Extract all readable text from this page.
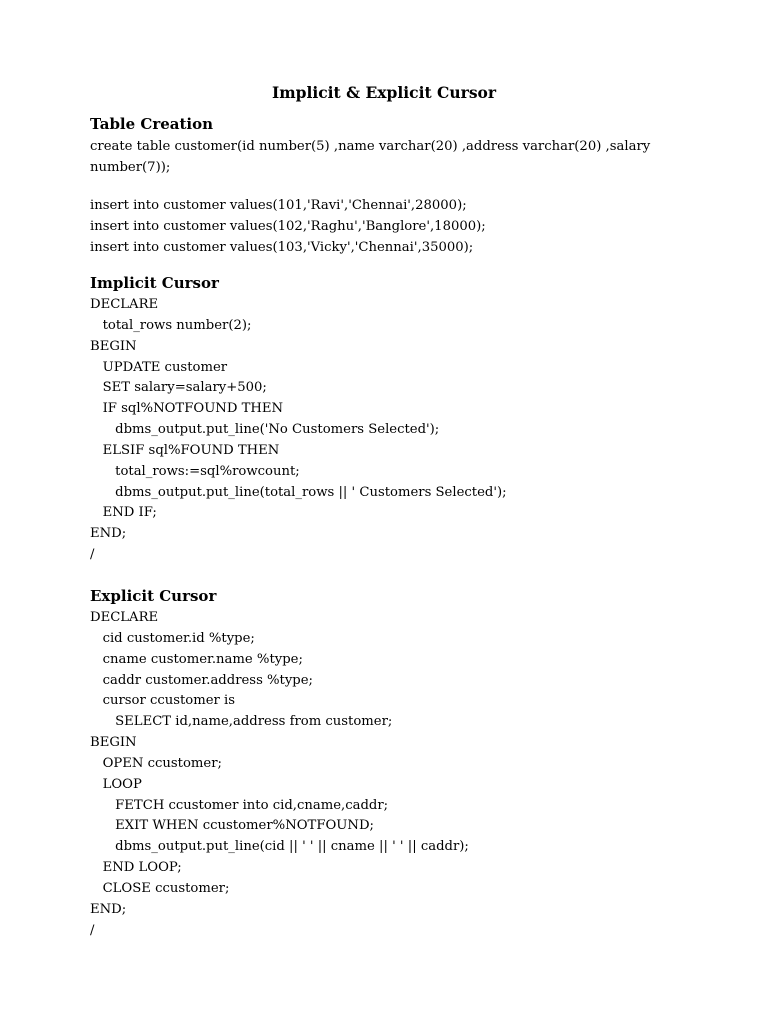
Implicit & Explicit Cursor
Table Creation
create table customer(id number(5) ,name varchar(20) ,address varchar(20) ,salary
number(7));
insert into customer values(101,'Ravi','Chennai',28000);
insert into customer values(102,'Raghu','Banglore',18000);
insert into customer values(103,'Vicky','Chennai',35000);
Implicit Cursor
DECLARE
total_rows number(2);
BEGIN
UPDATE customer
SET salary=salary+500;
IF sql%NOTFOUND THEN
dbms_output.put_line('No Customers Selected');
ELSIF sql%FOUND THEN
total_rows:=sql%rowcount;
dbms_output.put_line(total_rows || ' Customers Selected');
END IF;
END;
/
Explicit Cursor
DECLARE
cid customer.id %type;
cname customer.name %type;
caddr customer.address %type;
cursor ccustomer is
SELECT id,name,address from customer;
BEGIN
OPEN ccustomer;
LOOP
FETCH ccustomer into cid,cname,caddr;
EXIT WHEN ccustomer%NOTFOUND;
dbms_output.put_line(cid || ' ' || cname || ' ' || caddr);
END LOOP;
CLOSE ccustomer;
END;
/
